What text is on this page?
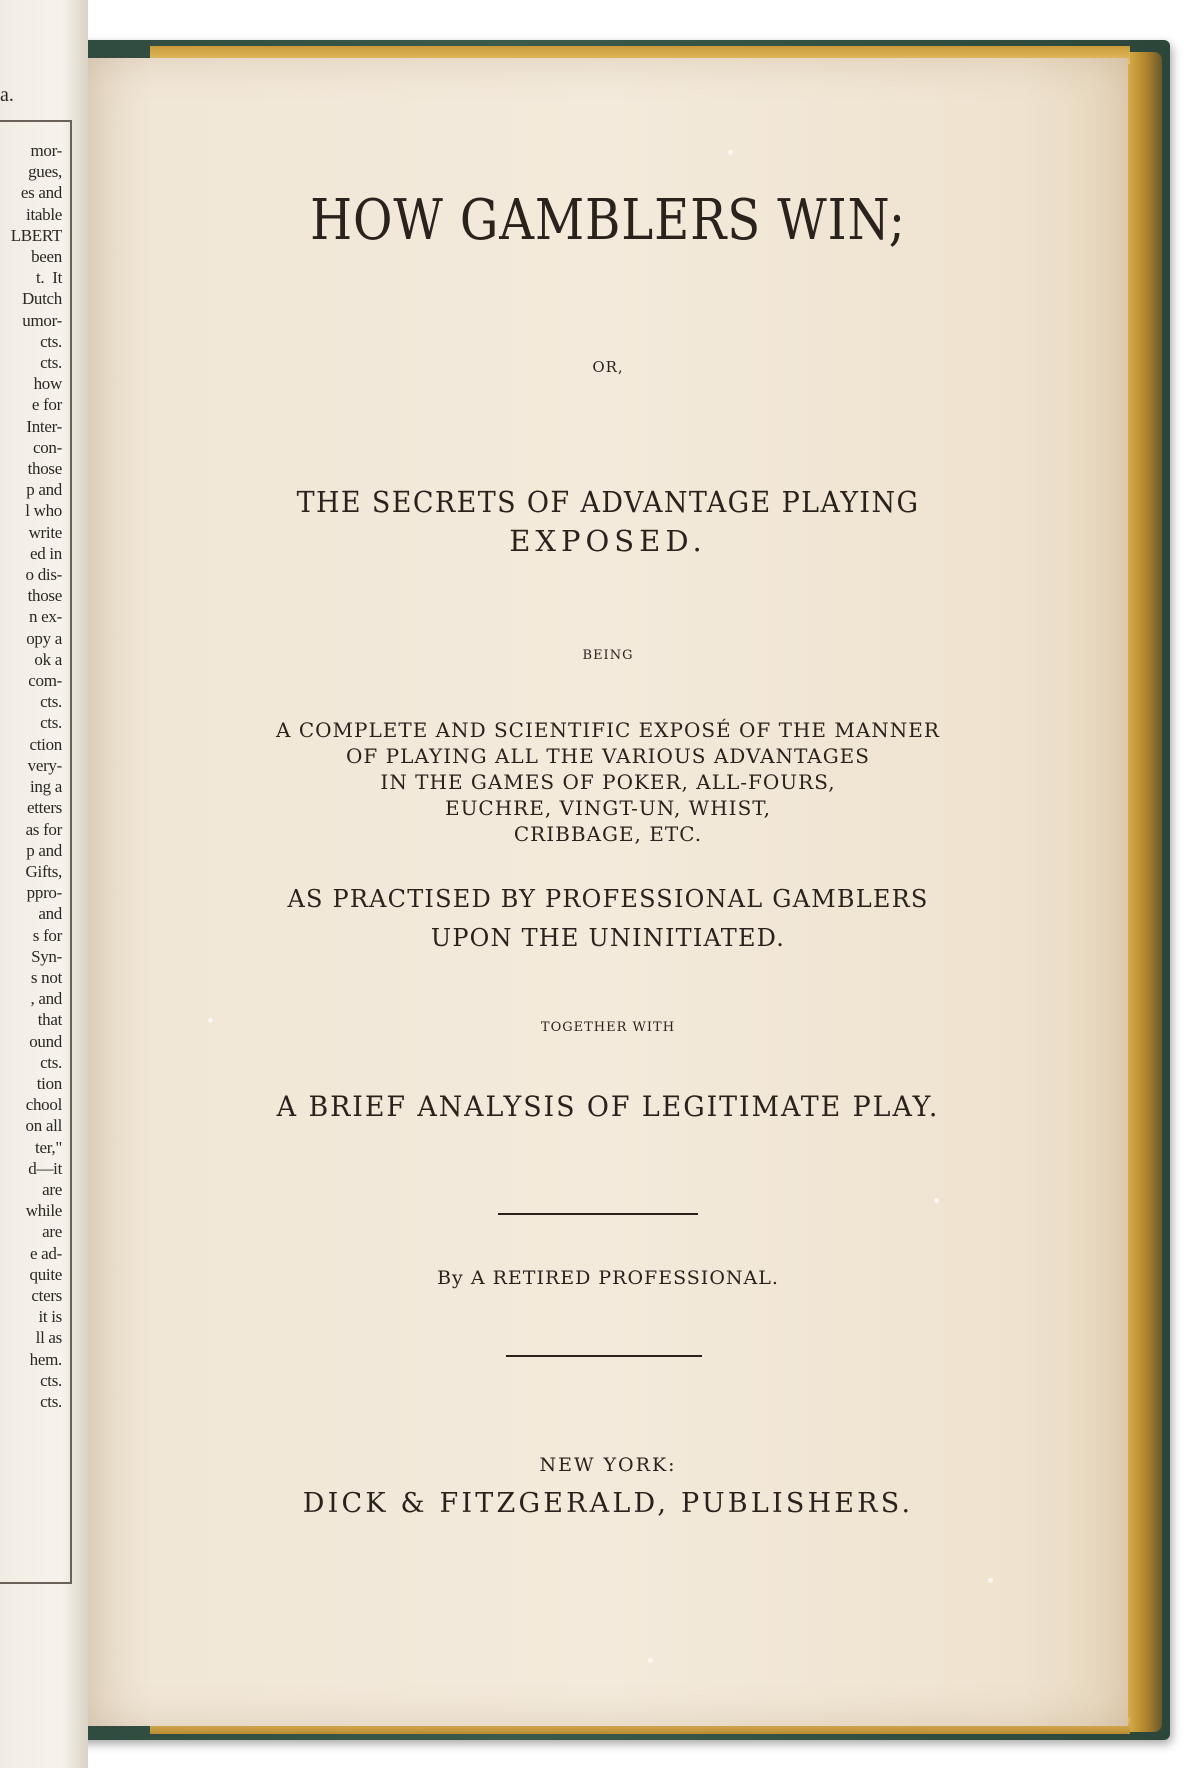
a.
mor-
gues,
es and
itable
LBERT
been
t.  It
Dutch
umor-
cts.
cts.
how
e for
Inter-
con-
those
p and
l who
write
ed in
o dis-
those
n ex-
opy a
ok a
com-
cts.
cts.
ction
very-
ing a
etters
as for
p and
Gifts,
ppro-
and
s for
Syn-
s not
, and
that
ound
cts.
tion
chool
on all
ter,"
d—it
are
while
are
e ad-
quite
cters
it is
ll as
hem.
cts.
cts.
HOW GAMBLERS WIN;
OR,
THE SECRETS OF ADVANTAGE PLAYING
EXPOSED.
BEING
A COMPLETE AND SCIENTIFIC EXPOSÉ OF THE MANNER
OF PLAYING ALL THE VARIOUS ADVANTAGES
IN THE GAMES OF POKER, ALL-FOURS,
EUCHRE, VINGT-UN, WHIST,
CRIBBAGE, ETC.
AS PRACTISED BY PROFESSIONAL GAMBLERS
UPON THE UNINITIATED.
TOGETHER WITH
A BRIEF ANALYSIS OF LEGITIMATE PLAY.
By A RETIRED PROFESSIONAL.
NEW YORK:
DICK & FITZGERALD, PUBLISHERS.
